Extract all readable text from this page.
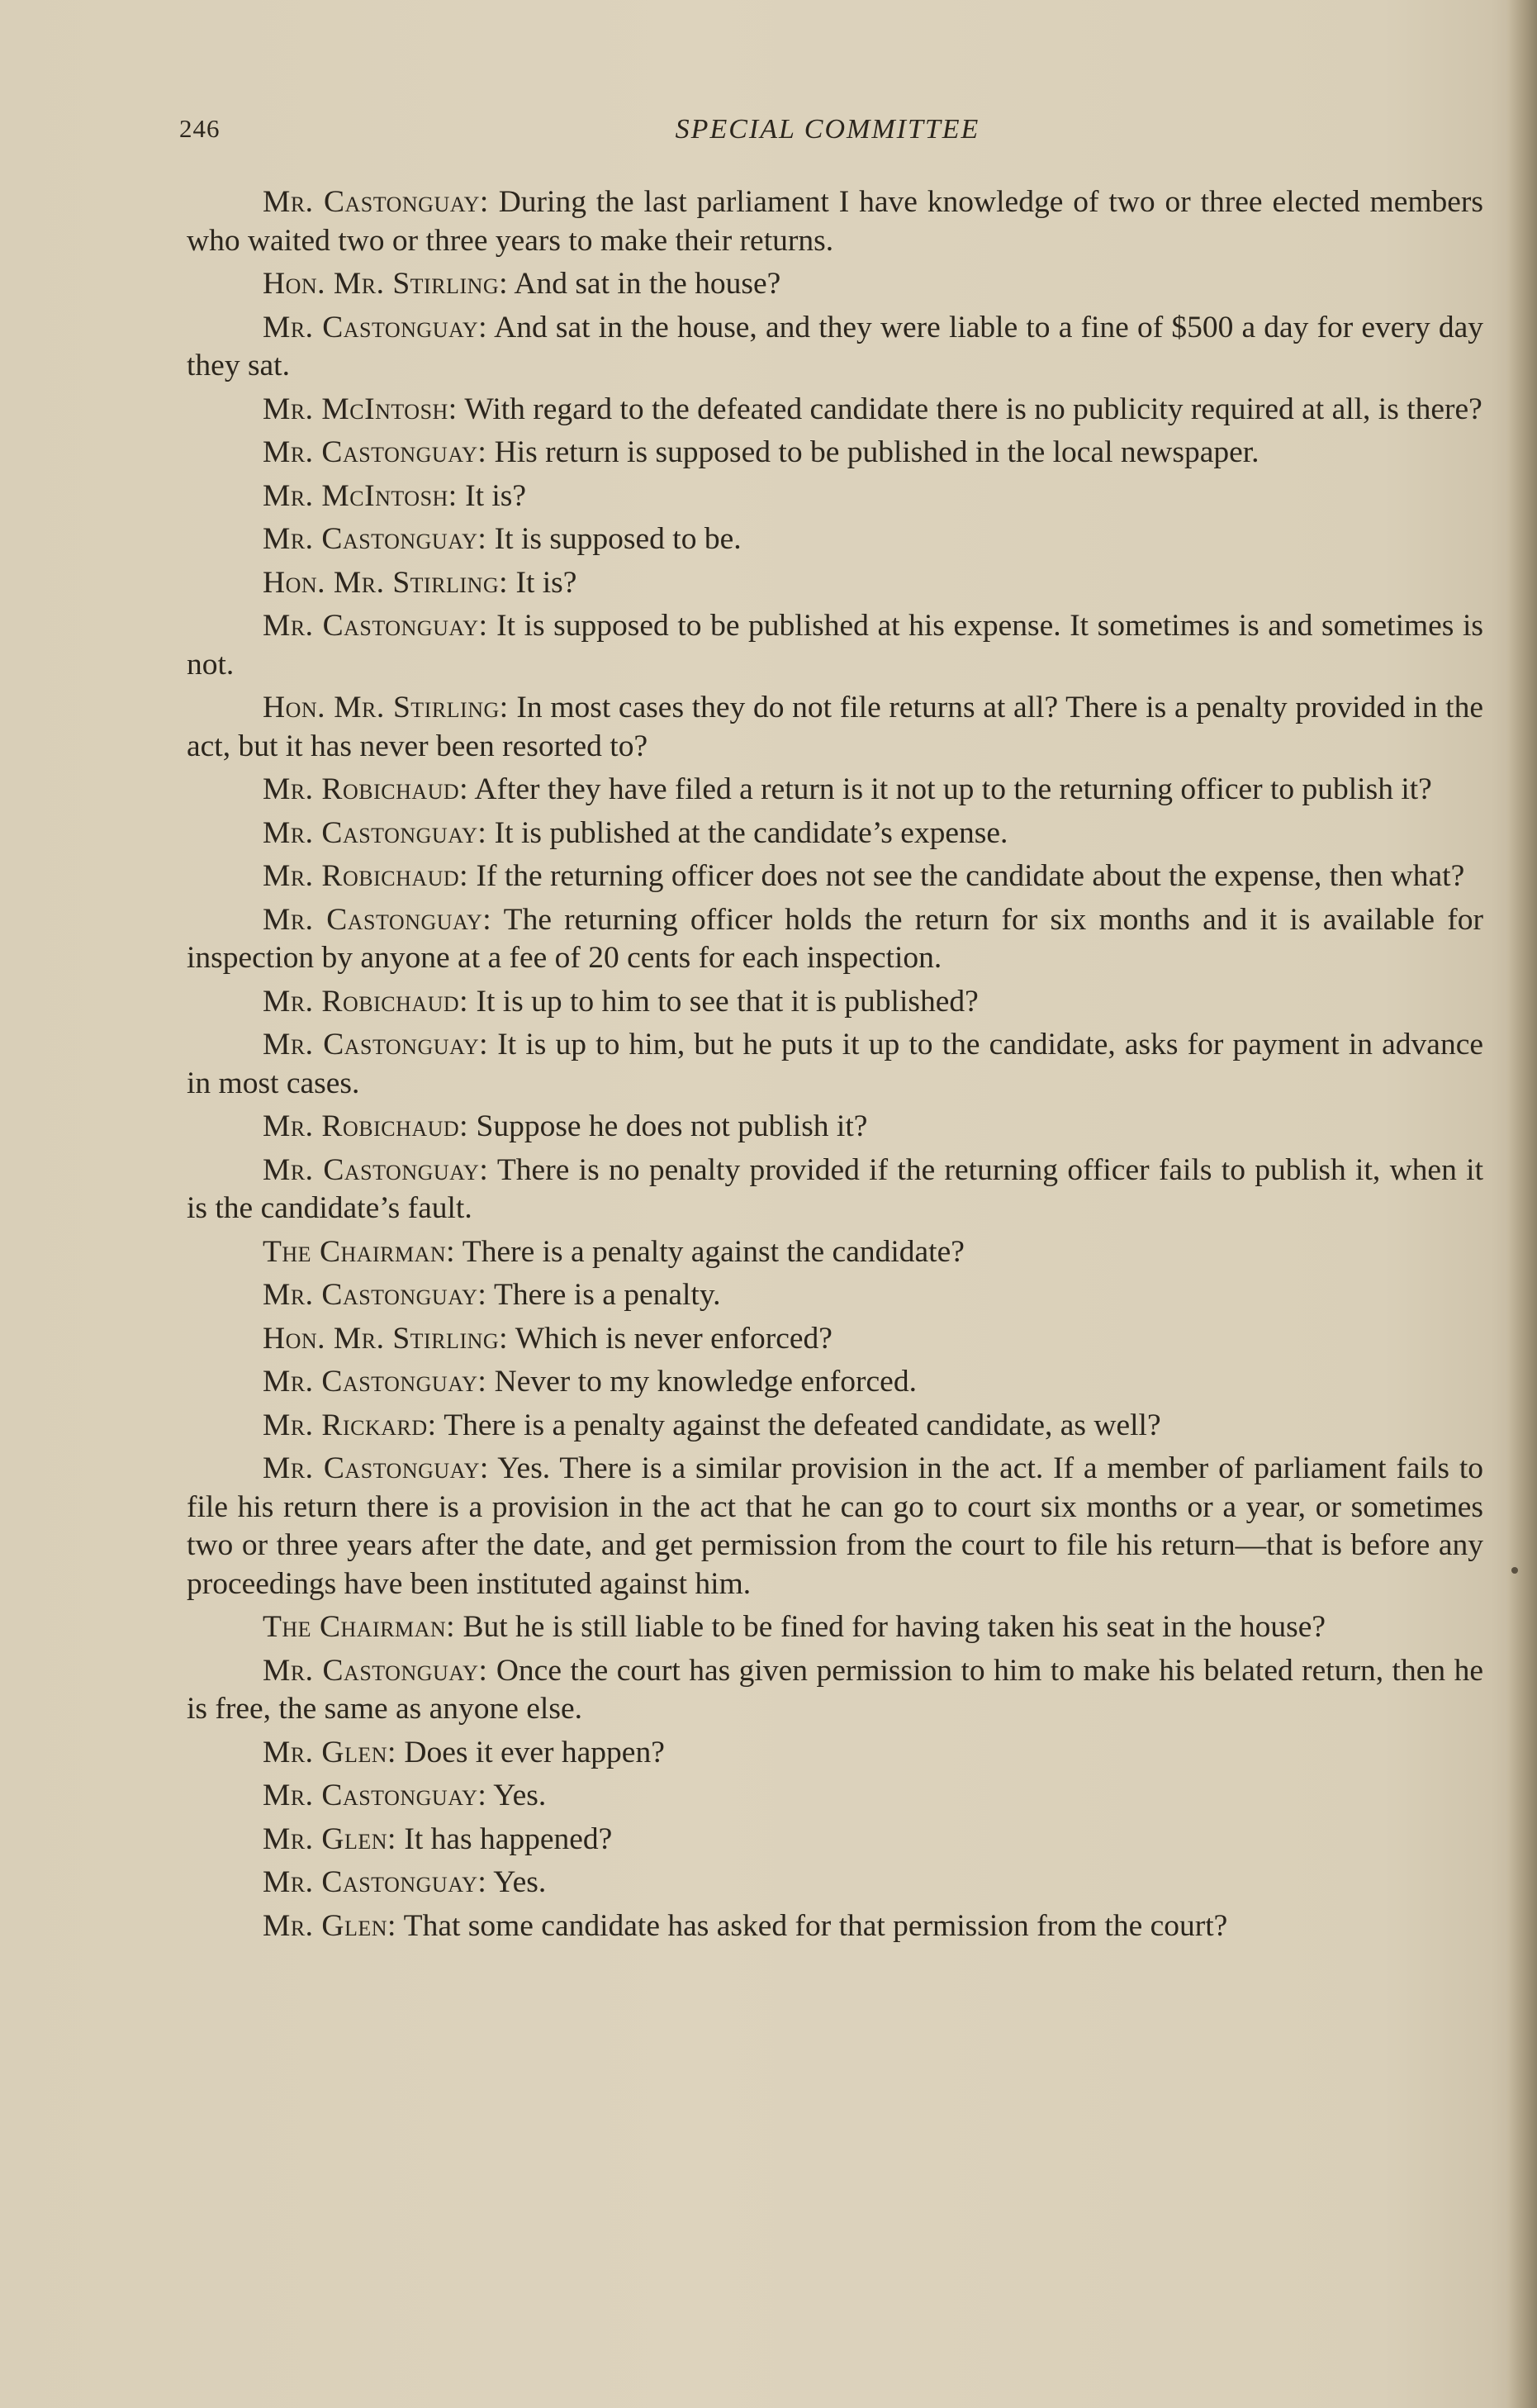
246	SPECIAL COMMITTEE

Mr. Castonguay: During the last parliament I have knowledge of two or three elected members who waited two or three years to make their returns.

Hon. Mr. Stirling: And sat in the house?

Mr. Castonguay: And sat in the house, and they were liable to a fine of $500 a day for every day they sat.

Mr. McIntosh: With regard to the defeated candidate there is no publicity required at all, is there?

Mr. Castonguay: His return is supposed to be published in the local newspaper.

Mr. McIntosh: It is?

Mr. Castonguay: It is supposed to be.

Hon. Mr. Stirling: It is?

Mr. Castonguay: It is supposed to be published at his expense. It sometimes is and sometimes is not.

Hon. Mr. Stirling: In most cases they do not file returns at all? There is a penalty provided in the act, but it has never been resorted to?

Mr. Robichaud: After they have filed a return is it not up to the returning officer to publish it?

Mr. Castonguay: It is published at the candidate’s expense.

Mr. Robichaud: If the returning officer does not see the candidate about the expense, then what?

Mr. Castonguay: The returning officer holds the return for six months and it is available for inspection by anyone at a fee of 20 cents for each inspection.

Mr. Robichaud: It is up to him to see that it is published?

Mr. Castonguay: It is up to him, but he puts it up to the candidate, asks for payment in advance in most cases.

Mr. Robichaud: Suppose he does not publish it?

Mr. Castonguay: There is no penalty provided if the returning officer fails to publish it, when it is the candidate’s fault.

The Chairman: There is a penalty against the candidate?

Mr. Castonguay: There is a penalty.

Hon. Mr. Stirling: Which is never enforced?

Mr. Castonguay: Never to my knowledge enforced.

Mr. Rickard: There is a penalty against the defeated candidate, as well?

Mr. Castonguay: Yes. There is a similar provision in the act. If a member of parliament fails to file his return there is a provision in the act that he can go to court six months or a year, or sometimes two or three years after the date, and get permission from the court to file his return—that is before any proceedings have been instituted against him.

The Chairman: But he is still liable to be fined for having taken his seat in the house?

Mr. Castonguay: Once the court has given permission to him to make his belated return, then he is free, the same as anyone else.

Mr. Glen: Does it ever happen?

Mr. Castonguay: Yes.

Mr. Glen: It has happened?

Mr. Castonguay: Yes.

Mr. Glen: That some candidate has asked for that permission from the court?
